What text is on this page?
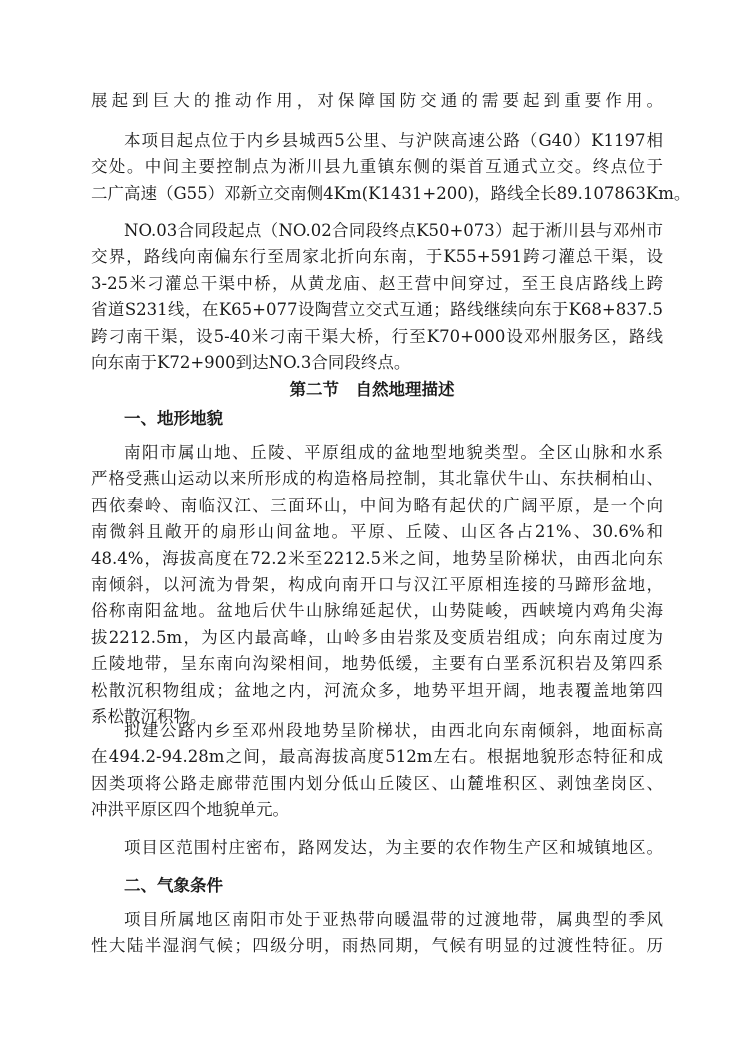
展起到巨大的推动作用，对保障国防交通的需要起到重要作用。
本项目起点位于内乡县城西5公里、与沪陕高速公路（G40）K1197相
交处。中间主要控制点为淅川县九重镇东侧的渠首互通式立交。终点位于
二广高速（G55）邓新立交南侧4Km(K1431+200)，路线全长89.107863Km。
NO.03合同段起点（NO.02合同段终点K50+073）起于淅川县与邓州市
交界，路线向南偏东行至周家北折向东南，于K55+591跨刁灌总干渠，设
3-25米刁灌总干渠中桥，从黄龙庙、赵王营中间穿过，至王良店路线上跨
省道S231线，在K65+077设陶营立交式互通；路线继续向东于K68+837.5
跨刁南干渠，设5-40米刁南干渠大桥，行至K70+000设邓州服务区，路线
向东南于K72+900到达NO.3合同段终点。
第二节　自然地理描述
一、地形地貌
南阳市属山地、丘陵、平原组成的盆地型地貌类型。全区山脉和水系
严格受燕山运动以来所形成的构造格局控制，其北靠伏牛山、东扶桐柏山、
西依秦岭、南临汉江、三面环山，中间为略有起伏的广阔平原，是一个向
南微斜且敞开的扇形山间盆地。平原、丘陵、山区各占21%、30.6%和
48.4%，海拔高度在72.2米至2212.5米之间，地势呈阶梯状，由西北向东
南倾斜，以河流为骨架，构成向南开口与汉江平原相连接的马蹄形盆地，
俗称南阳盆地。盆地后伏牛山脉绵延起伏，山势陡峻，西峡境内鸡角尖海
拔2212.5m，为区内最高峰，山岭多由岩浆及变质岩组成；向东南过度为
丘陵地带，呈东南向沟梁相间，地势低缓，主要有白垩系沉积岩及第四系
松散沉积物组成；盆地之内，河流众多，地势平坦开阔，地表覆盖地第四
系松散沉积物。
拟建公路内乡至邓州段地势呈阶梯状，由西北向东南倾斜，地面标高
在494.2-94.28m之间，最高海拔高度512m左右。根据地貌形态特征和成
因类项将公路走廊带范围内划分低山丘陵区、山麓堆积区、剥蚀垄岗区、
冲洪平原区四个地貌单元。
项目区范围村庄密布，路网发达，为主要的农作物生产区和城镇地区。
二、气象条件
项目所属地区南阳市处于亚热带向暖温带的过渡地带，属典型的季风
性大陆半湿润气候；四级分明，雨热同期，气候有明显的过渡性特征。历
